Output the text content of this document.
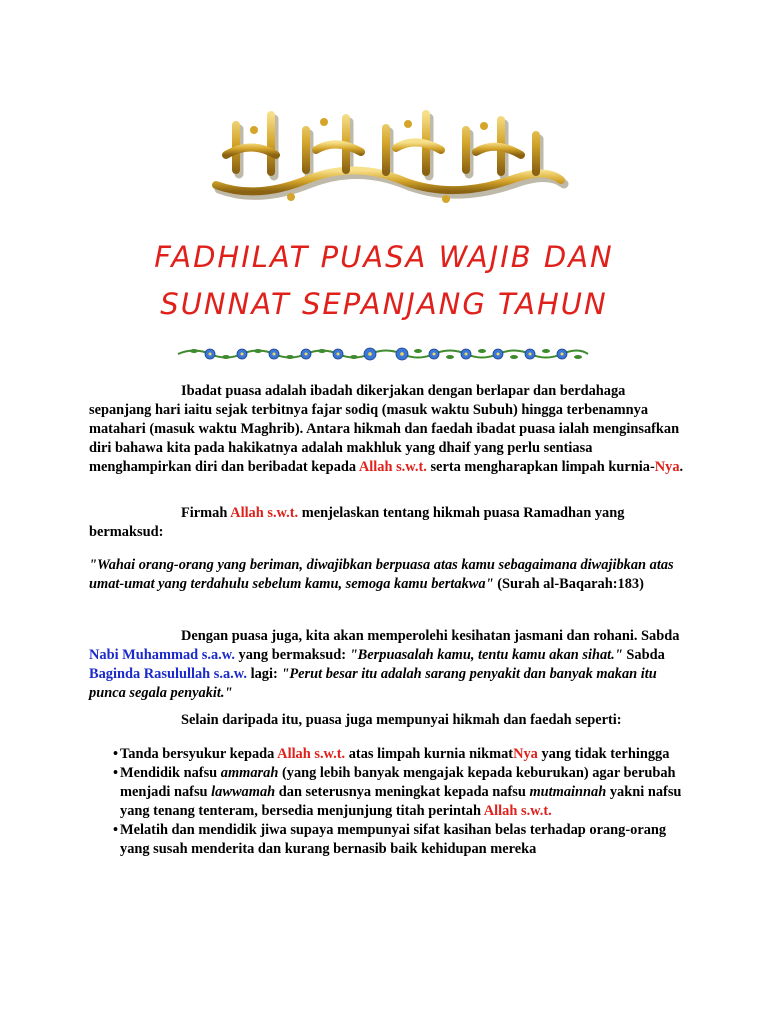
FADHILAT PUASA WAJIB DAN
SUNNAT SEPANJANG TAHUN

Ibadat puasa adalah ibadah dikerjakan dengan berlapar dan berdahaga sepanjang hari iaitu sejak terbitnya fajar sodiq (masuk waktu Subuh) hingga terbenamnya matahari (masuk waktu Maghrib). Antara hikmah dan faedah ibadat puasa ialah menginsafkan diri bahawa kita pada hakikatnya adalah makhluk yang dhaif yang perlu sentiasa menghampirkan diri dan beribadat kepada Allah s.w.t. serta mengharapkan limpah kurnia-Nya.

Firmah Allah s.w.t. menjelaskan tentang hikmah puasa Ramadhan yang bermaksud:

"Wahai orang-orang yang beriman, diwajibkan berpuasa atas kamu sebagaimana diwajibkan atas umat-umat yang terdahulu sebelum kamu, semoga kamu bertakwa" (Surah al-Baqarah:183)

Dengan puasa juga, kita akan memperolehi kesihatan jasmani dan rohani. Sabda Nabi Muhammad s.a.w. yang bermaksud: "Berpuasalah kamu, tentu kamu akan sihat." Sabda Baginda Rasulullah s.a.w. lagi: "Perut besar itu adalah sarang penyakit dan banyak makan itu punca segala penyakit."

Selain daripada itu, puasa juga mempunyai hikmah dan faedah seperti:

• Tanda bersyukur kepada Allah s.w.t. atas limpah kurnia nikmatNya yang tidak terhingga
• Mendidik nafsu ammarah (yang lebih banyak mengajak kepada keburukan) agar berubah menjadi nafsu lawwamah dan seterusnya meningkat kepada nafsu mutmainnah yakni nafsu yang tenang tenteram, bersedia menjunjung titah perintah Allah s.w.t.
• Melatih dan mendidik jiwa supaya mempunyai sifat kasihan belas terhadap orang-orang yang susah menderita dan kurang bernasib baik kehidupan mereka
